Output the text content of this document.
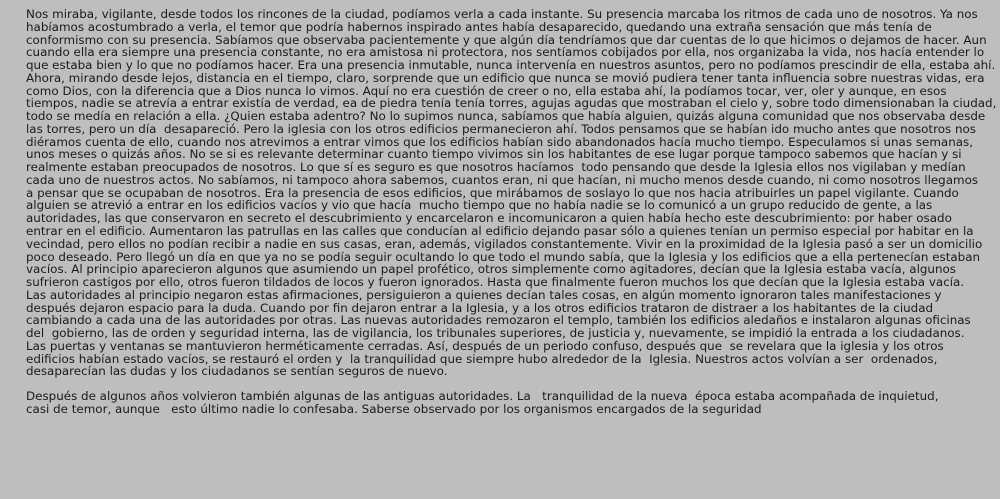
Nos miraba, vigilante, desde todos los rincones de la ciudad, podíamos verla a cada instante. Su presencia marcaba los ritmos de cada uno de nosotros. Ya nos
habíamos acostumbrado a verla, el temor que podría habernos inspirado antes había desaparecido, quedando una extraña sensación que más tenía de
conformismo con su presencia. Sabíamos que observaba pacientemente y que algún día tendríamos que dar cuentas de lo que hicimos o dejamos de hacer. Aun
cuando ella era siempre una presencia constante, no era amistosa ni protectora, nos sentíamos cobijados por ella, nos organizaba la vida, nos hacía entender lo
que estaba bien y lo que no podíamos hacer. Era una presencia inmutable, nunca intervenía en nuestros asuntos, pero no podíamos prescindir de ella, estaba ahí.
Ahora, mirando desde lejos, distancia en el tiempo, claro, sorprende que un edificio que nunca se movió pudiera tener tanta influencia sobre nuestras vidas, era
como Dios, con la diferencia que a Dios nunca lo vimos. Aquí no era cuestión de creer o no, ella estaba ahí, la podíamos tocar, ver, oler y aunque, en esos
tiempos, nadie se atrevía a entrar existía de verdad, ea de piedra tenía tenía torres, agujas agudas que mostraban el cielo y, sobre todo dimensionaban la ciudad,
todo se medía en relación a ella. ¿Quien estaba adentro? No lo supimos nunca, sabíamos que había alguien, quizás alguna comunidad que nos observaba desde
las torres, pero un día  desapareció. Pero la iglesia con los otros edificios permanecieron ahí. Todos pensamos que se habían ido mucho antes que nosotros nos
diéramos cuenta de ello, cuando nos atrevimos a entrar vimos que los edificios habían sido abandonados hacía mucho tiempo. Especulamos si unas semanas,
unos meses o quizás años. No se si es relevante determinar cuanto tiempo vivimos sin los habitantes de ese lugar porque tampoco sabemos que hacían y si
realmente estaban preocupados de nosotros. Lo que sí es seguro es que nosotros hacíamos  todo pensando que desde la Iglesia ellos nos vigilaban y medían
cada uno de nuestros actos. No sabíamos, ni tampoco ahora sabemos, cuantos eran, ni que hacían, ni mucho menos desde cuando, ni como nosotros llegamos
a pensar que se ocupaban de nosotros. Era la presencia de esos edificios, que mirábamos de soslayo lo que nos hacia atribuirles un papel vigilante. Cuando
alguien se atrevió a entrar en los edificios vacíos y vio que hacía  mucho tiempo que no había nadie se lo comunicó a un grupo reducido de gente, a las
autoridades, las que conservaron en secreto el descubrimiento y encarcelaron e incomunicaron a quien había hecho este descubrimiento: por haber osado
entrar en el edificio. Aumentaron las patrullas en las calles que conducían al edificio dejando pasar sólo a quienes tenían un permiso especial por habitar en la
vecindad, pero ellos no podían recibir a nadie en sus casas, eran, además, vigilados constantemente. Vivir en la proximidad de la Iglesia pasó a ser un domicilio
poco deseado. Pero llegó un día en que ya no se podía seguir ocultando lo que todo el mundo sabía, que la Iglesia y los edificios que a ella pertenecían estaban
vacíos. Al principio aparecieron algunos que asumiendo un papel profético, otros simplemente como agitadores, decían que la Iglesia estaba vacía, algunos
sufrieron castigos por ello, otros fueron tildados de locos y fueron ignorados. Hasta que finalmente fueron muchos los que decían que la Iglesia estaba vacía.
Las autoridades al principio negaron estas afirmaciones, persiguieron a quienes decían tales cosas, en algún momento ignoraron tales manifestaciones y
después dejaron espacio para la duda. Cuando por fin dejaron entrar a la Iglesia, y a los otros edificios trataron de distraer a los habitantes de la ciudad
cambiando a cada una de las autoridades por otras. Las nuevas autoridades remozaron el templo, también los edificios aledaños e instalaron algunas oficinas
del  gobierno, las de orden y seguridad interna, las de vigilancia, los tribunales superiores, de justicia y, nuevamente, se impidió la entrada a los ciudadanos.
Las puertas y ventanas se mantuvieron herméticamente cerradas. Así, después de un periodo confuso, después que  se revelara que la iglesia y los otros
edificios habían estado vacíos, se restauró el orden y  la tranquilidad que siempre hubo alrededor de la  Iglesia. Nuestros actos volvían a ser  ordenados,
desaparecían las dudas y los ciudadanos se sentían seguros de nuevo.
Después de algunos años volvieron también algunas de las antiguas autoridades. La   tranquilidad de la nueva  época estaba acompañada de inquietud,
casi de temor, aunque   esto último nadie lo confesaba. Saberse observado por los organismos encargados de la seguridad
